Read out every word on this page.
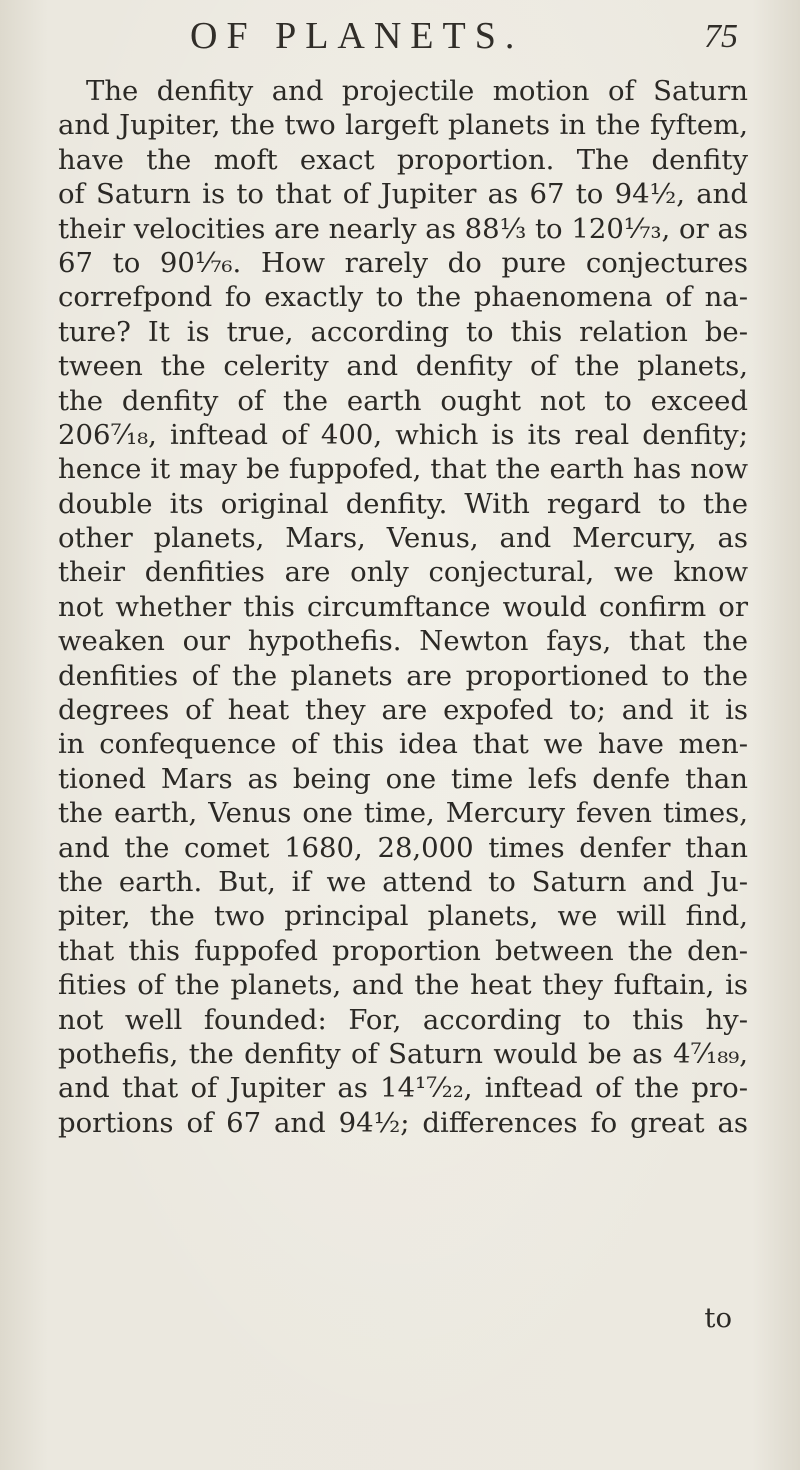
OF PLANETS.	75
The denfity and projectile motion of Saturn
and Jupiter, the two largeft planets in the fyftem,
have the moft exact proportion. The denfity
of Saturn is to that of Jupiter as 67 to 94½, and
their velocities are nearly as 88⅓ to 120¹⁄₇₃, or as
67 to 90¹⁄₇₆. How rarely do pure conjectures
correfpond fo exactly to the phaenomena of na-
ture? It is true, according to this relation be-
tween the celerity and denfity of the planets,
the denfity of the earth ought not to exceed
206⁷⁄₁₈, inftead of 400, which is its real denfity;
hence it may be fuppofed, that the earth has now
double its original denfity. With regard to the
other planets, Mars, Venus, and Mercury, as
their denfities are only conjectural, we know
not whether this circumftance would confirm or
weaken our hypothefis. Newton fays, that the
denfities of the planets are proportioned to the
degrees of heat they are expofed to; and it is
in confequence of this idea that we have men-
tioned Mars as being one time lefs denfe than
the earth, Venus one time, Mercury feven times,
and the comet 1680, 28,000 times denfer than
the earth. But, if we attend to Saturn and Ju-
piter, the two principal planets, we will find,
that this fuppofed proportion between the den-
fities of the planets, and the heat they fuftain, is
not well founded: For, according to this hy-
pothefis, the denfity of Saturn would be as 4⁷⁄₁₈₉,
and that of Jupiter as 14¹⁷⁄₂₂, inftead of the pro-
portions of 67 and 94½; differences fo great as
to
